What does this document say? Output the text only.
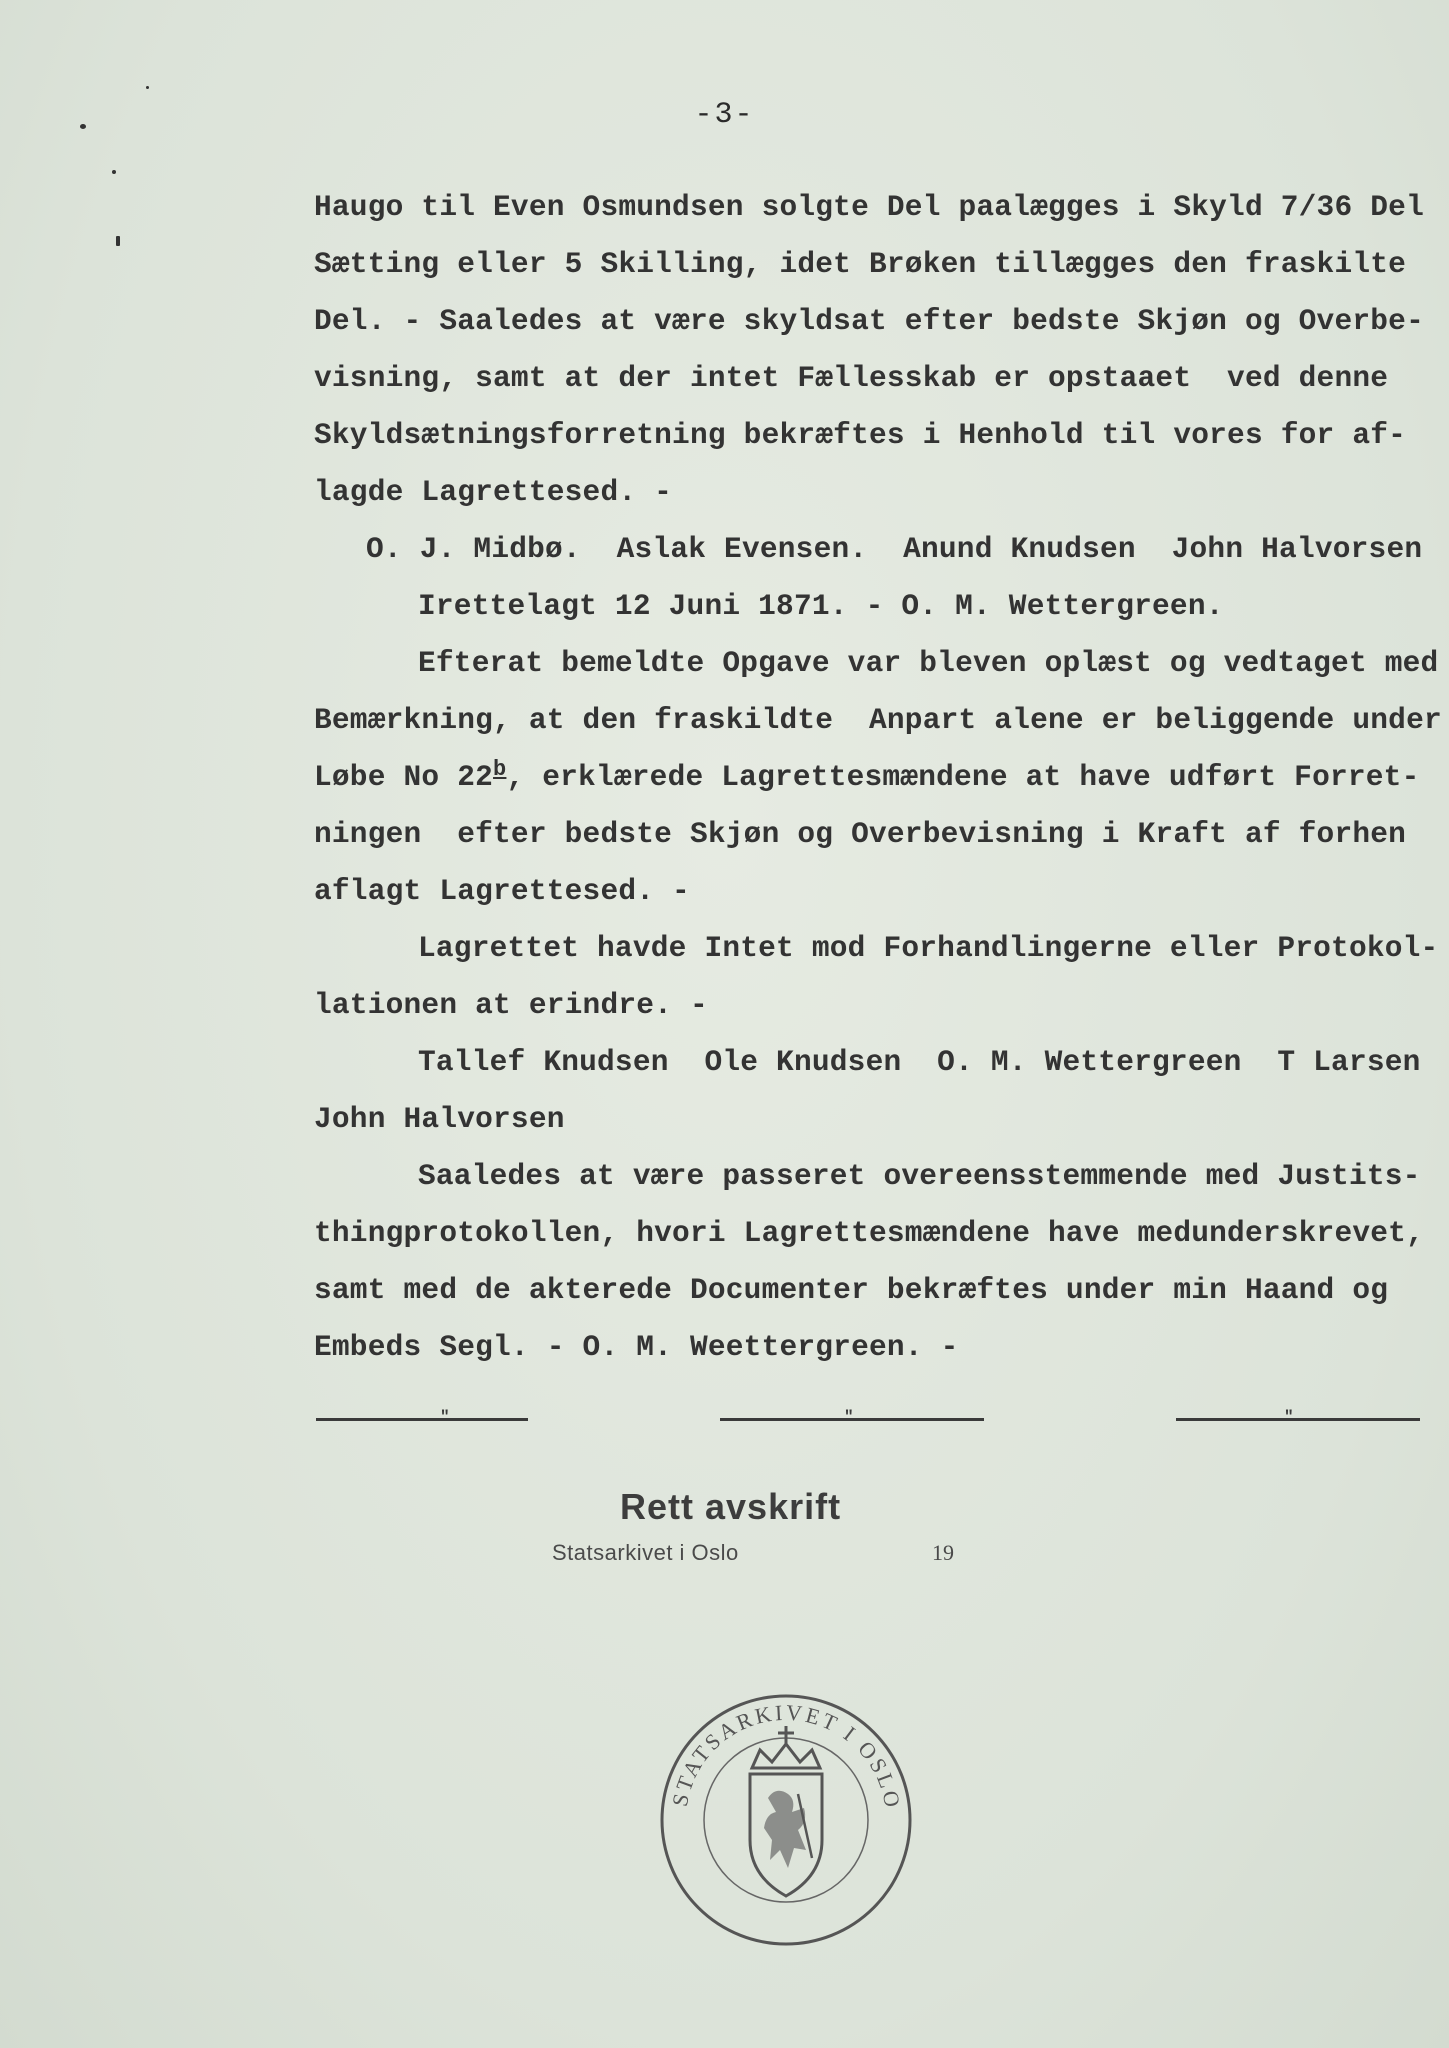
-3-
Haugo til Even Osmundsen solgte Del paalægges i Skyld 7/36 Del
Sætting eller 5 Skilling, idet Brøken tillægges den fraskilte
Del. - Saaledes at være skyldsat efter bedste Skjøn og Overbe-
visning, samt at der intet Fællesskab er opstaaet  ved denne
Skyldsætningsforretning bekræftes i Henhold til vores for af-
lagde Lagrettesed. -
O. J. Midbø.  Aslak Evensen.  Anund Knudsen  John Halvorsen
Irettelagt 12 Juni 1871. - O. M. Wettergreen.
Efterat bemeldte Opgave var bleven oplæst og vedtaget med
Bemærkning, at den fraskildte  Anpart alene er beliggende under
Løbe No 22$^b$, erklærede Lagrettesmændene at have udført Forret-
ningen  efter bedste Skjøn og Overbevisning i Kraft af forhen
aflagt Lagrettesed. -
Lagrettet havde Intet mod Forhandlingerne eller Protokol-
lationen at erindre. -
Tallef Knudsen  Ole Knudsen  O. M. Wettergreen  T Larsen
John Halvorsen
Saaledes at være passeret overeensstemmende med Justits-
thingprotokollen, hvori Lagrettesmændene have medunderskrevet,
samt med de akterede Documenter bekræftes under min Haand og
Embeds Segl. - O. M. Weettergreen. -
"	"	"
Rett avskrift
Statsarkivet i Oslo	19
STATSARKIVET I OSLO
